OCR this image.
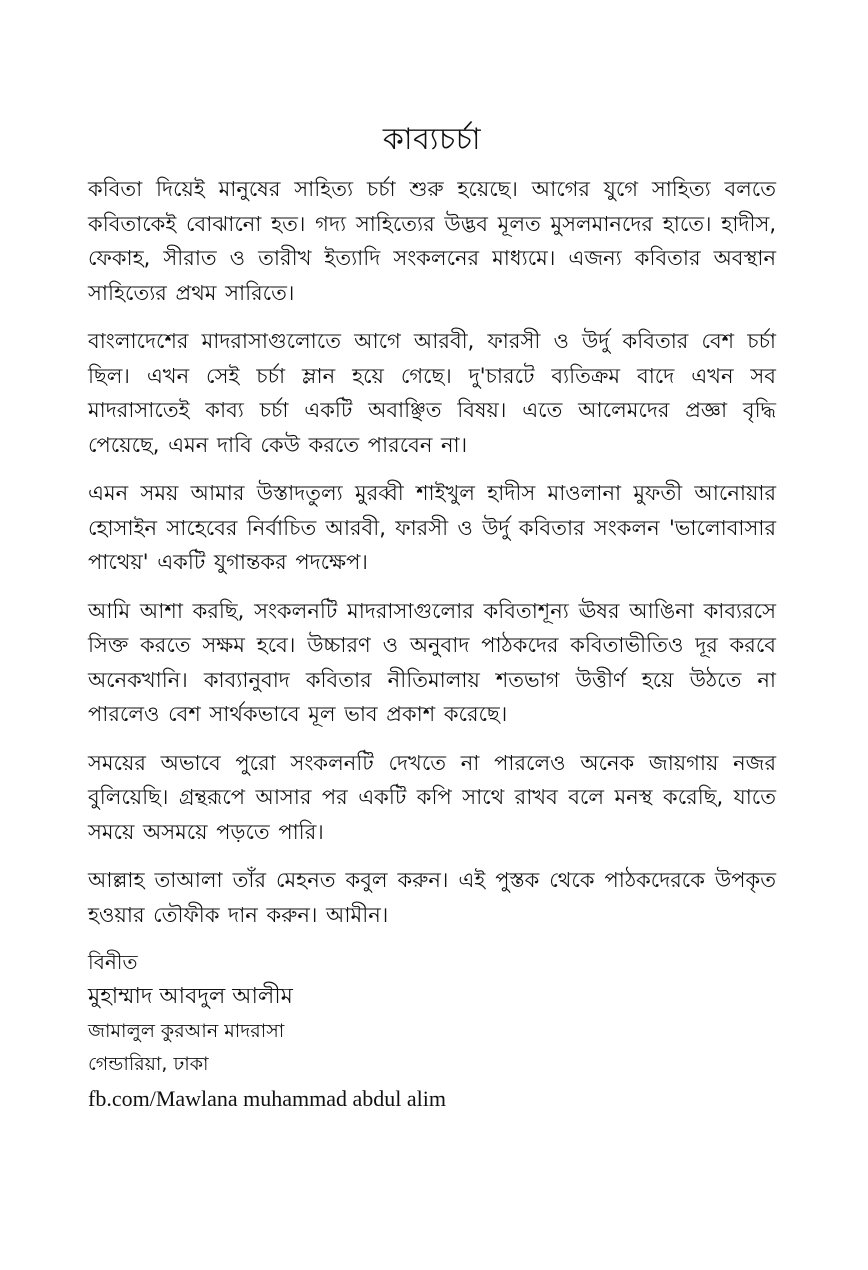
কাব্যচর্চা

কবিতা দিয়েই মানুষের সাহিত্য চর্চা শুরু হয়েছে। আগের যুগে সাহিত্য বলতে কবিতাকেই বোঝানো হত। গদ্য সাহিত্যের উদ্ভব মূলত মুসলমানদের হাতে। হাদীস, ফেকাহ, সীরাত ও তারীখ ইত্যাদি সংকলনের মাধ্যমে। এজন্য কবিতার অবস্থান সাহিত্যের প্রথম সারিতে।

বাংলাদেশের মাদরাসাগুলোতে আগে আরবী, ফারসী ও উর্দু কবিতার বেশ চর্চা ছিল। এখন সেই চর্চা ম্লান হয়ে গেছে। দু'চারটে ব্যতিক্রম বাদে এখন সব মাদরাসাতেই কাব্য চর্চা একটি অবাঞ্ছিত বিষয়। এতে আলেমদের প্রজ্ঞা বৃদ্ধি পেয়েছে, এমন দাবি কেউ করতে পারবেন না।

এমন সময় আমার উস্তাদতুল্য মুরব্বী শাইখুল হাদীস মাওলানা মুফতী আনোয়ার হোসাইন সাহেবের নির্বাচিত আরবী, ফারসী ও উর্দু কবিতার সংকলন 'ভালোবাসার পাথেয়' একটি যুগান্তকর পদক্ষেপ।

আমি আশা করছি, সংকলনটি মাদরাসাগুলোর কবিতাশূন্য ঊষর আঙিনা কাব্যরসে সিক্ত করতে সক্ষম হবে। উচ্চারণ ও অনুবাদ পাঠকদের কবিতাভীতিও দূর করবে অনেকখানি। কাব্যানুবাদ কবিতার নীতিমালায় শতভাগ উত্তীর্ণ হয়ে উঠতে না পারলেও বেশ সার্থকভাবে মূল ভাব প্রকাশ করেছে।

সময়ের অভাবে পুরো সংকলনটি দেখতে না পারলেও অনেক জায়গায় নজর বুলিয়েছি। গ্রন্থরূপে আসার পর একটি কপি সাথে রাখব বলে মনস্থ করেছি, যাতে সময়ে অসময়ে পড়তে পারি।

আল্লাহ তাআলা তাঁর মেহনত কবুল করুন। এই পুস্তক থেকে পাঠকদেরকে উপকৃত হওয়ার তৌফীক দান করুন। আমীন।

বিনীত

মুহাম্মাদ আবদুল আলীম

জামালুল কুরআন মাদরাসা

গেন্ডারিয়া, ঢাকা

fb.com/Mawlana muhammad abdul alim
